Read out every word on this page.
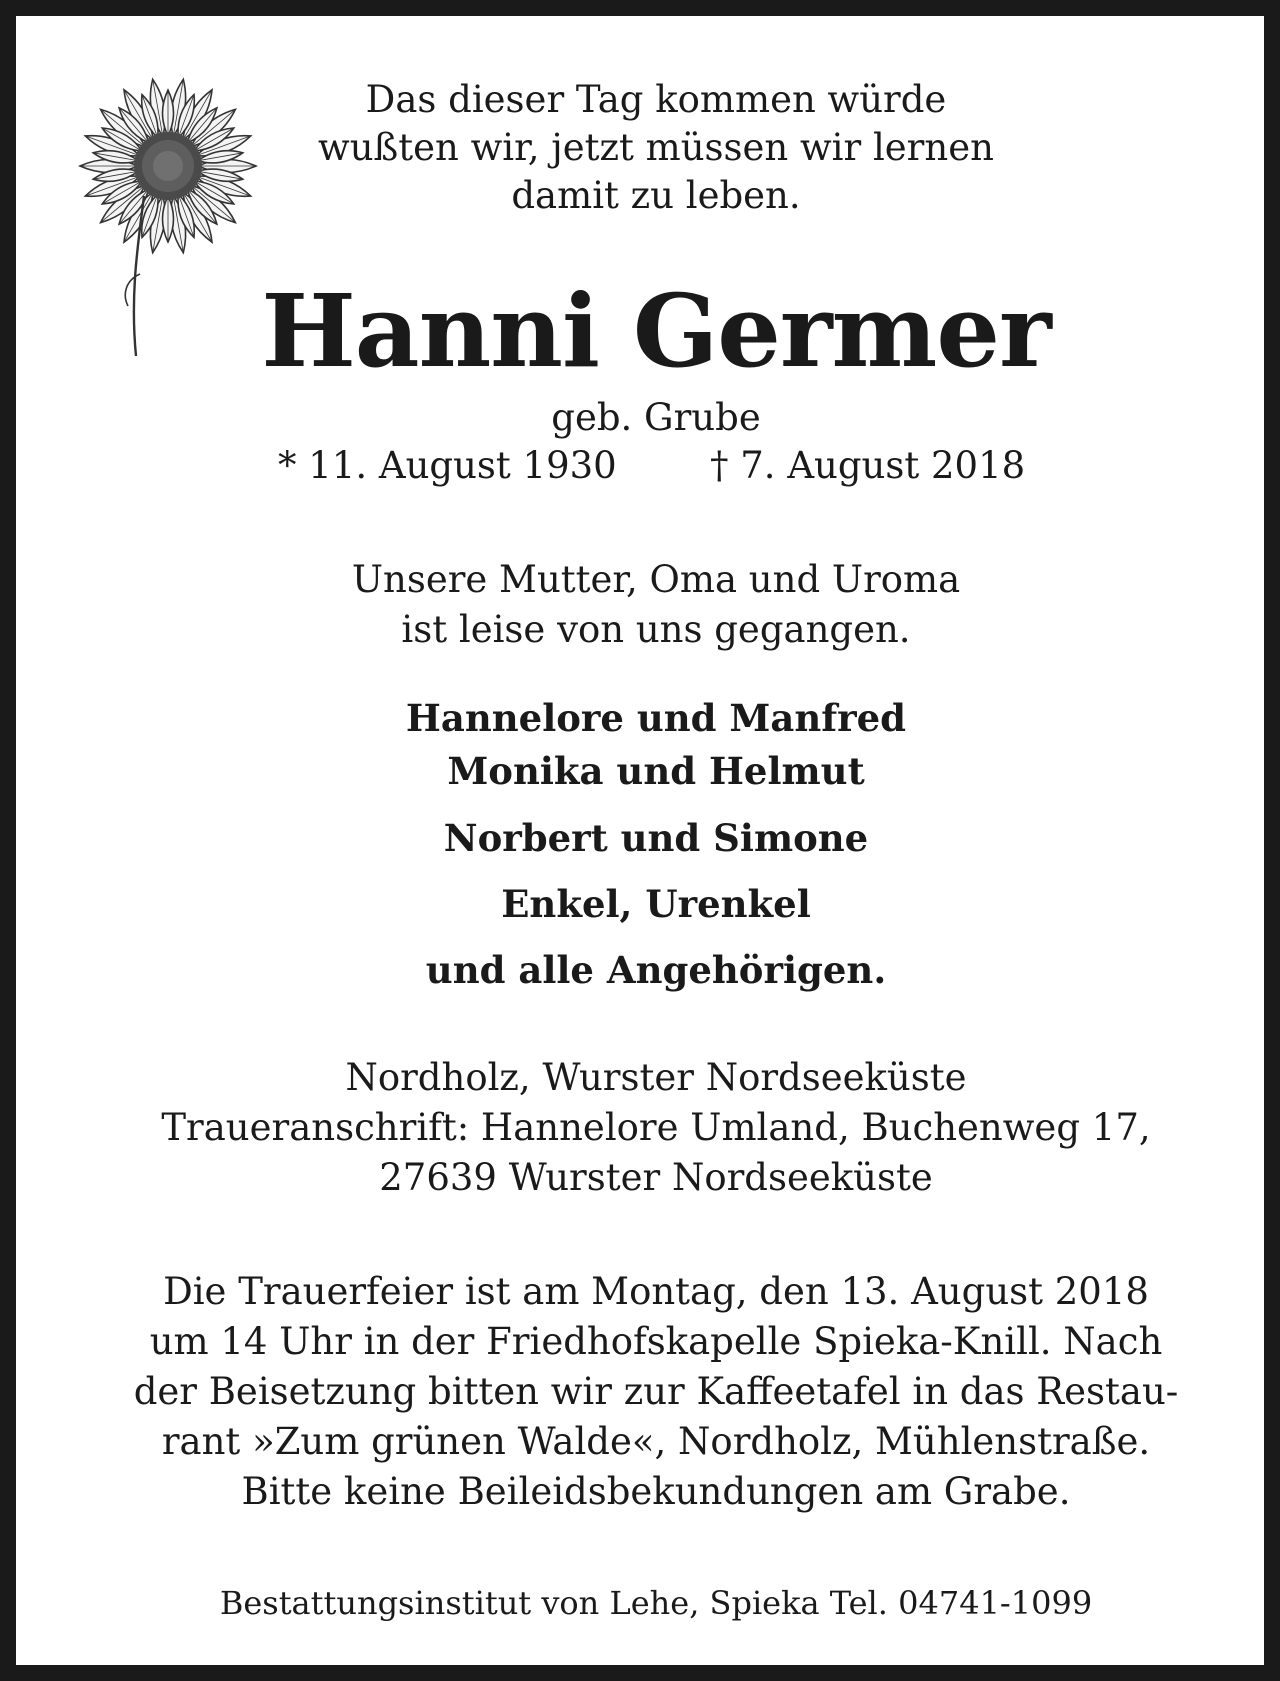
Das dieser Tag kommen würde
wußten wir, jetzt müssen wir lernen
damit zu leben.
Hanni Germer
geb. Grube
* 11. August 1930	† 7. August 2018
Unsere Mutter, Oma und Uroma
ist leise von uns gegangen.
Hannelore und Manfred
Monika und Helmut
Norbert und Simone
Enkel, Urenkel
und alle Angehörigen.
Nordholz, Wurster Nordseeküste
Traueranschrift: Hannelore Umland, Buchenweg 17,
27639 Wurster Nordseeküste
Die Trauerfeier ist am Montag, den 13. August 2018
um 14 Uhr in der Friedhofskapelle Spieka-Knill. Nach
der Beisetzung bitten wir zur Kaffeetafel in das Restau-
rant »Zum grünen Walde«, Nordholz, Mühlenstraße.
Bitte keine Beileidsbekundungen am Grabe.
Bestattungsinstitut von Lehe, Spieka Tel. 04741-1099
